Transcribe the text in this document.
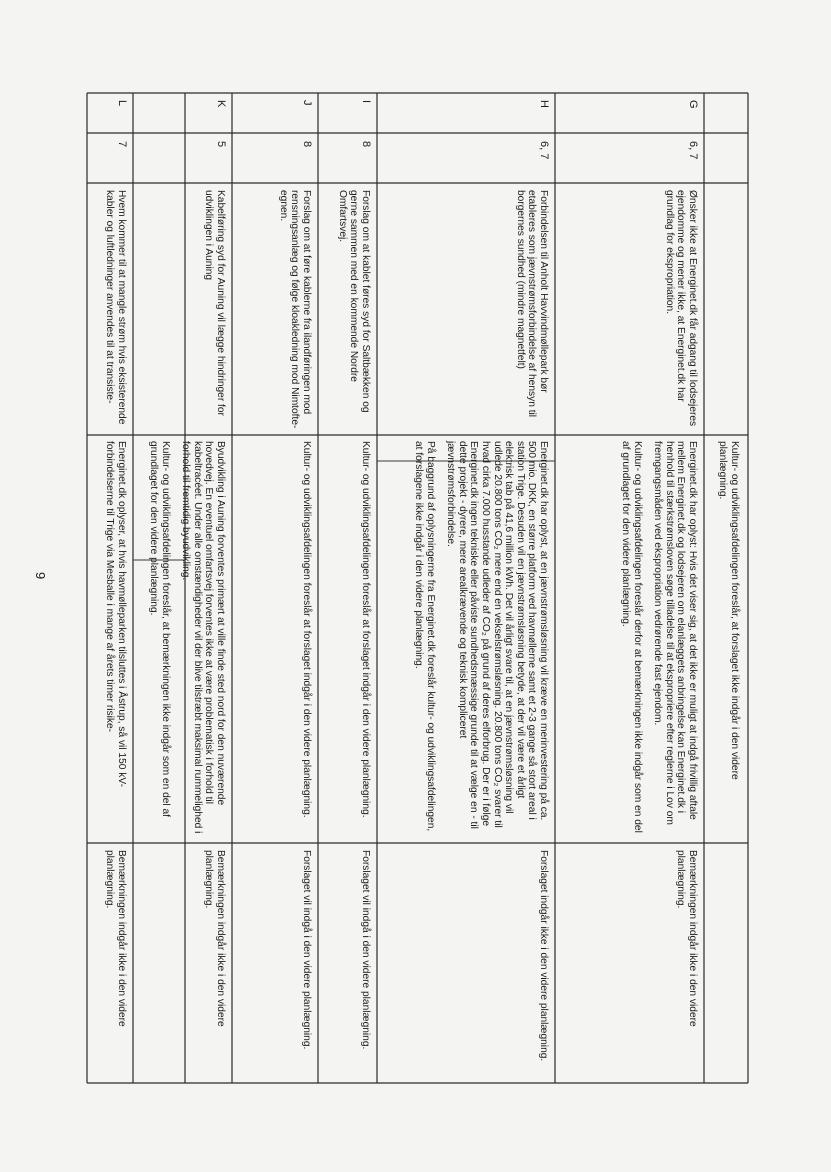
Kultur- og udviklingsafdelingen foreslår, at forslaget ikke indgår i den videre planlægning.

G
6, 7

Ønsker ikke at Energinet.dk får adgang til lodsejeres ejendomme og mener ikke, at Energinet.dk har grundlag for ekspropriation.

Energinet.dk har oplyst: Hvis det viser sig, at det ikke er muligt at indgå frivillig aftale mellem Energinet.dk og lodsejeren om elanlæggets anbringelse kan Energinet.dk i henhold til stærkstrømsloven søge tilladelse til at ekspropriere efter reglerne i Lov om fremgangsmåden ved ekspropriation vedrørende fast ejendom.

Kultur- og udviklingsafdelingen foreslår derfor at bemærkningen ikke indgår som en del af grundlaget for den videre planlægning.

Bemærkningen indgår ikke i den videre planlægning.

H
6, 7

Forbindelsen til Anholt Havvindmøllepark bør etableres som jævnstrømsforbindelse af hensyn til borgernes sundhed (mindre magnetfelt)

Energinet.dk har oplyst, at en jævnstrømsløsning vil kræve en merinvestering på ca. 500 mio. DKK, en større platform ved havmøllerne samt et 2-3 gange så stort areal i station Trige. Desuden vil en jævnstrømsløsning betyde, at der vil være et årligt elektrisk tab på 41,6 million kWh. Det vil årligt svare til, at en jævnstrømsløsning vil udlede 20.800 tons CO₂ mere end en vekselstrømsløsning. 20.800 tons CO₂ svarer til hvad cirka 7.000 husstande udleder af CO₂ på grund af deres elforbrug. Der er i følge Energinet.dk ingen tekniske eller påviste sundhedsmæssige grunde til at vælge en - til dette projekt - dyrere, mere arealkrævende og teknisk kompliceret jævnstrømsforbindelse.

På baggrund af oplysningerne fra Energinet.dk foreslår kultur- og udviklingsafdelingen, at forslagene ikke indgår i den videre planlægning.

Forslaget indgår ikke i den videre planlægning.

I
8

Forslag om at kablet føres syd for Saltbækken og gerne sammen med en kommende Nordre Omfartsvej.

Kultur- og udviklingsafdelingen foreslår at forslaget indgår i den videre planlægning.

Forslaget vil indgå i den videre planlægning.

J
8

Forslag om at føre kablerne fra ilandføringen mod rensningsanlæg og følge kloakledning mod Nimtofte-egnen.

Kultur- og udviklingsafdelingen foreslår at forslaget indgår i den videre planlægning.

Forslaget vil indgå i den videre planlægning.

K
5

Kabelføring syd for Auning vil lægge hindringer for udviklingen i Auning

Byudvikling i Auning forventes primært at ville finde sted nord for den nuværende hovedvej. En eventuel omfartsvej forventes ikke at være problematisk i forhold til kabeltracéet. Under alle omstændigheder vil der blive tilstræbt maksimal rummelighed i forhold til fremtidig byudvikling.

Kultur- og udviklingsafdelingen foreslår, at bemærkningen ikke indgår som en del af grundlaget for den videre planlægning.

Bemærkningen indgår ikke i den videre planlægning.

L
7

Hvem kommer til at mangle strøm hvis eksisterende kabler og luftledninger anvendes til at transiste-

Energinet.dk oplyser, at hvis havmølleparken tilsluttes i Åstrup, så vil 150 kV-forbindelserne til Trige via Mesballe i mange af årets timer risike-

Bemærkningen indgår ikke i den videre planlægning.

9
